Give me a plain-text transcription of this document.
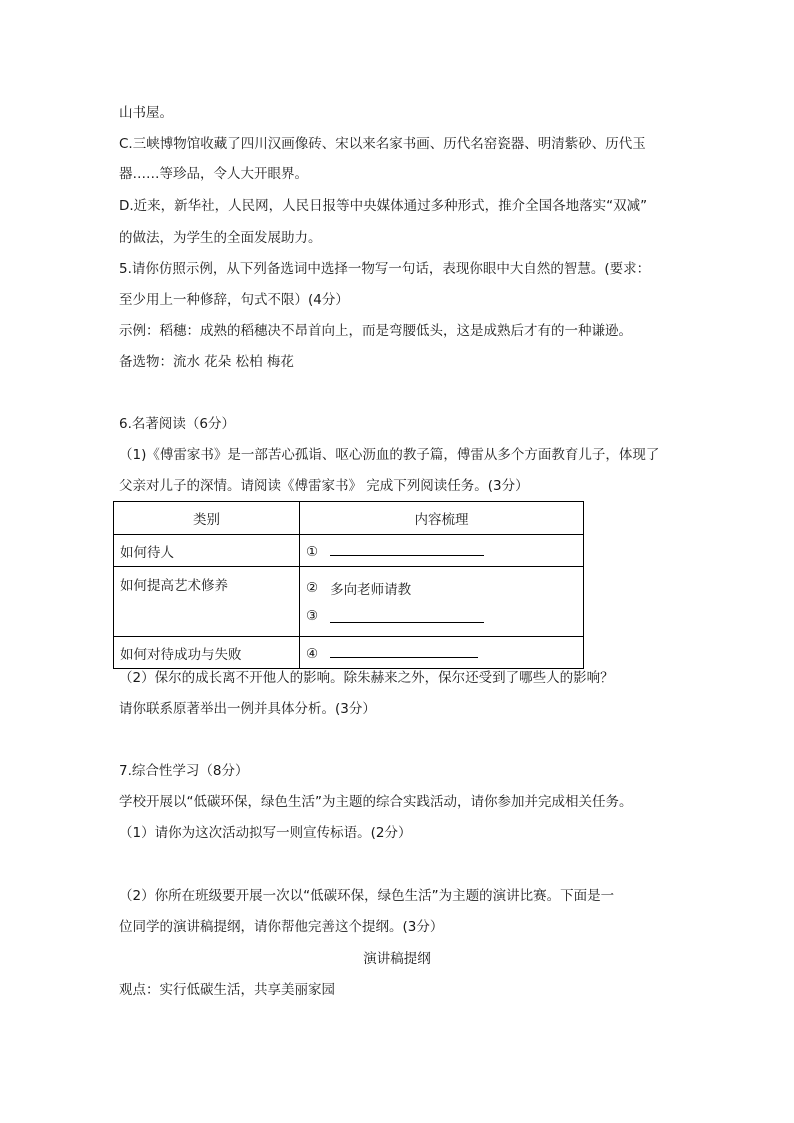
山书屋。
C.三峡博物馆收藏了四川汉画像砖、宋以来名家书画、历代名窑瓷器、明清紫砂、历代玉
器……等珍品，令人大开眼界。
D.近来，新华社，人民网，人民日报等中央媒体通过多种形式，推介全国各地落实“双减”
的做法，为学生的全面发展助力。
5.请你仿照示例，从下列备选词中选择一物写一句话，表现你眼中大自然的智慧。(要求：
至少用上一种修辞，句式不限）(4分）
示例：稻穗：成熟的稻穗决不昂首向上，而是弯腰低头，这是成熟后才有的一种谦逊。
备选物：流水 花朵 松柏 梅花
6.名著阅读（6分）
（1)《傅雷家书》是一部苦心孤诣、呕心沥血的教子篇，傅雷从多个方面教育儿子，体现了
父亲对儿子的深情。请阅读《傅雷家书》 完成下列阅读任务。(3分）
类别	内容梳理
如何待人	①
如何提高艺术修养	② 多向老师请教
③

如何对待成功与失败	④
（2）保尔的成长离不开他人的影响。除朱赫来之外，保尔还受到了哪些人的影响？
请你联系原著举出一例并具体分析。(3分）
7.综合性学习（8分）
学校开展以“低碳环保，绿色生活”为主题的综合实践活动，请你参加并完成相关任务。
（1）请你为这次活动拟写一则宣传标语。(2分）
（2）你所在班级要开展一次以“低碳环保，绿色生活”为主题的演讲比赛。下面是一
位同学的演讲稿提纲，请你帮他完善这个提纲。(3分）
演讲稿提纲
观点：实行低碳生活，共享美丽家园
